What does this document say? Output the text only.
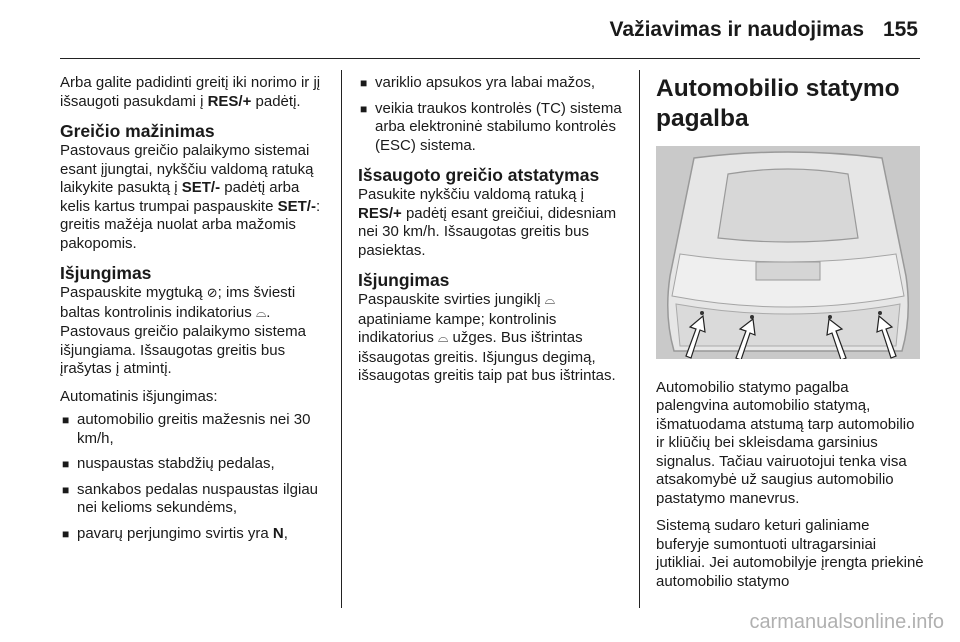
Važiavimas ir naudojimas 155

Arba galite padidinti greitį iki norimo ir jį išsaugoti pasukdami į RES/+ padėtį.

Greičio mažinimas

Pastovaus greičio palaikymo sistemai esant įjungtai, nykščiu valdomą ratuką laikykite pasuktą į SET/- padėtį arba kelis kartus trumpai paspauskite SET/-: greitis mažėja nuolat arba mažomis pakopomis.

Išjungimas

Paspauskite mygtuką ⊘; ims šviesti baltas kontrolinis indikatorius ⌓.

Pastovaus greičio palaikymo sistema išjungiama. Išsaugotas greitis bus įrašytas į atmintį.

Automatinis išjungimas:

■ automobilio greitis mažesnis nei 30 km/h,
■ nuspaustas stabdžių pedalas,
■ sankabos pedalas nuspaustas ilgiau nei kelioms sekundėms,
■ pavarų perjungimo svirtis yra N,
■ variklio apsukos yra labai mažos,
■ veikia traukos kontrolės (TC) sistema arba elektroninė stabilumo kontrolės (ESC) sistema.
Išsaugoto greičio atstatymas

Pasukite nykščiu valdomą ratuką į RES/+ padėtį esant greičiui, didesniam nei 30 km/h. Išsaugotas greitis bus pasiektas.

Išjungimas

Paspauskite svirties jungiklį ⌓ apatiniame kampe; kontrolinis indikatorius ⌓ užges. Bus ištrintas išsaugotas greitis. Išjungus degimą, išsaugotas greitis taip pat bus ištrintas.

Automobilio statymo pagalba

Automobilio statymo pagalba palengvina automobilio statymą, išmatuodama atstumą tarp automobilio ir kliūčių bei skleisdama garsinius signalus. Tačiau vairuotojui tenka visa atsakomybė už saugius automobilio pastatymo manevrus.

Sistemą sudaro keturi galiniame buferyje sumontuoti ultragarsiniai jutikliai. Jei automobilyje įrengta priekinė automobilio statymo

carmanualsonline.info
